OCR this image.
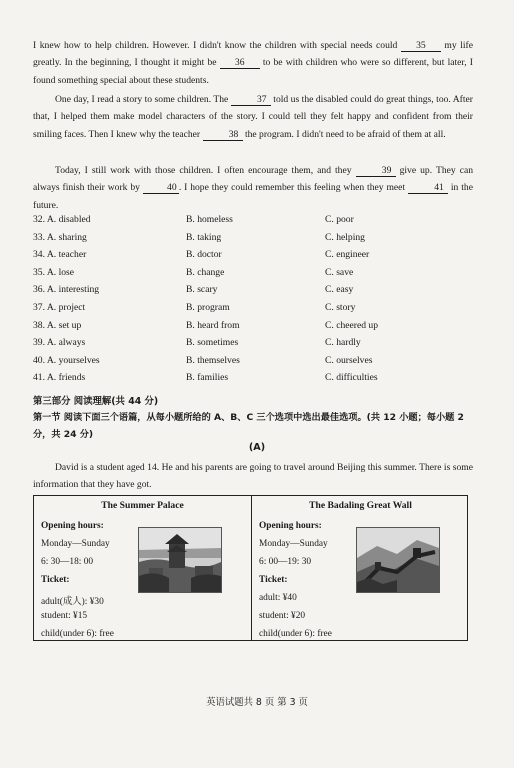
I knew how to help children. However. I didn't know the children with special needs could 35 my life greatly. In the beginning, I thought it might be 36 to be with children who were so different, but later, I found something special about these students.

One day, I read a story to some children. The	37 told us the disabled could do great things, too. After that, I helped them make model characters of the story. I could tell they felt happy and confident from their smiling faces. Then I knew why the teacher	38 the program. I didn't need to be afraid of them at all.

Today, I still work with those children. I often encourage them, and they	39 give up. They can always finish their work by	40 . I hope they could remember this feeling when they meet	41 in the future.

32. A. disabled	B. homeless	C. poor
33. A. sharing	B. taking	C. helping
34. A. teacher	B. doctor	C. engineer
35. A. lose	B. change	C. save
36. A. interesting	B. scary	C. easy
37. A. project	B. program	C. story
38. A. set up	B. heard from	C. cheered up
39. A. always	B. sometimes	C. hardly
40. A. yourselves	B. themselves	C. ourselves
41. A. friends	B. families	C. difficulties
第三部分 阅读理解(共 44 分)

第一节 阅读下面三个语篇，从每小题所给的 A、B、C 三个选项中选出最佳选项。(共 12 小题；每小题 2 分，共 24 分)

(A)

David is a student aged 14. He and his parents are going to travel around Beijing this summer. There is some information that they have got.

The Summer Palace
Opening hours:
Monday—Sunday
6: 30—18: 00
Ticket:
adult(成人): ¥30
student: ¥15
child(under 6): free
The Badaling Great Wall
Opening hours:
Monday—Sunday
6: 00—19: 30
Ticket:
adult: ¥40
student: ¥20
child(under 6): free
英语试题共 8 页 第 3 页
